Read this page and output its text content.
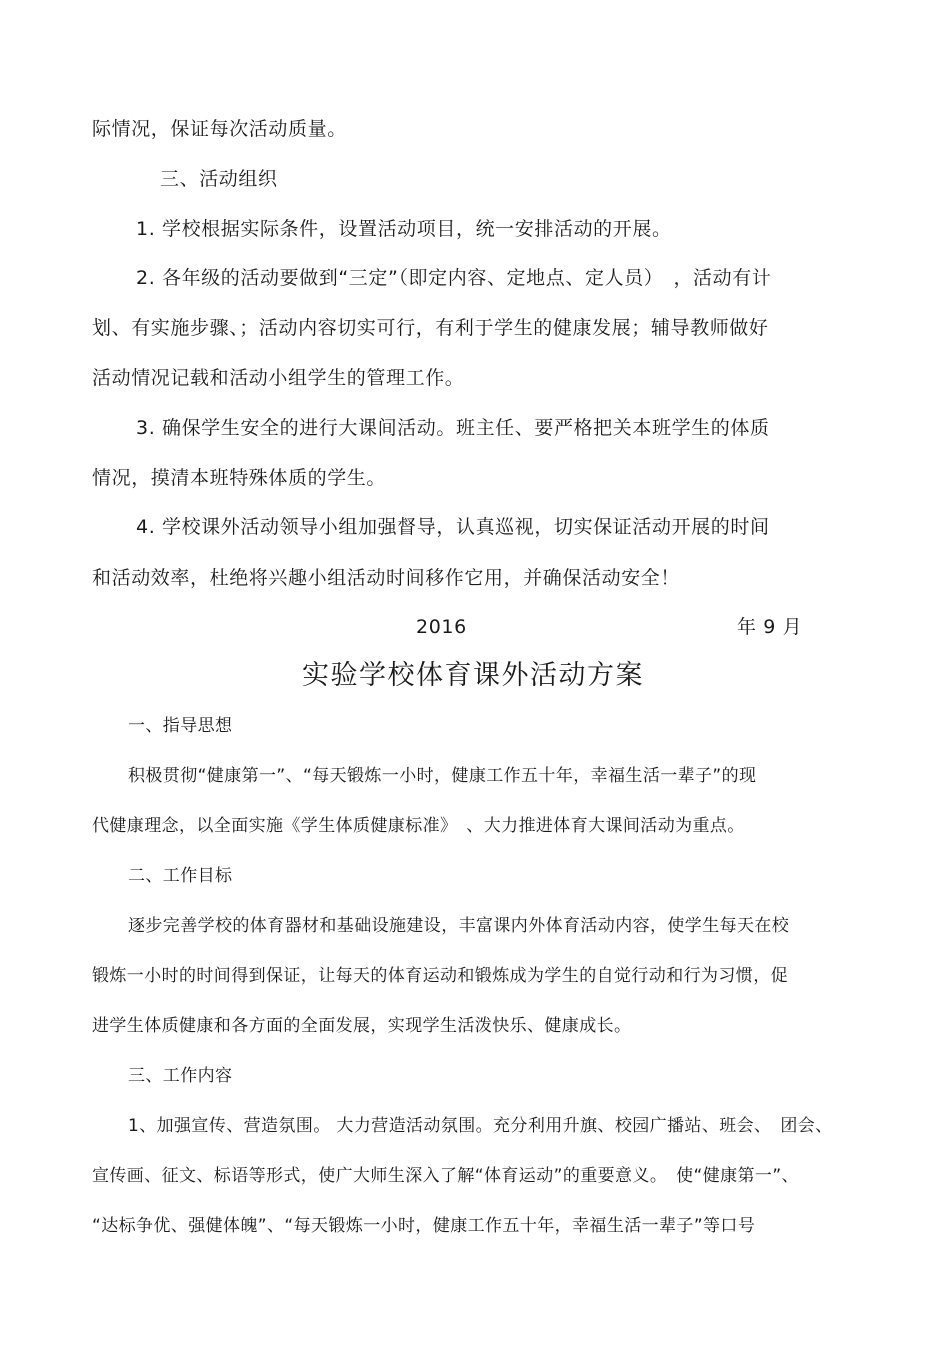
际情况，保证每次活动质量。

三、活动组织

1. 学校根据实际条件，设置活动项目，统一安排活动的开展。

2. 各年级的活动要做到“三定”（即定内容、定地点、定人员）　，活动有计

划、有实施步骤、；活动内容切实可行，有利于学生的健康发展；辅导教师做好

活动情况记载和活动小组学生的管理工作。

3. 确保学生安全的进行大课间活动。班主任、要严格把关本班学生的体质

情况，摸清本班特殊体质的学生。

4. 学校课外活动领导小组加强督导，认真巡视，切实保证活动开展的时间

和活动效率，杜绝将兴趣小组活动时间移作它用，并确保活动安全！

2016	年 9 月

实验学校体育课外活动方案

一、指导思想

积极贯彻“健康第一”、“每天锻炼一小时，健康工作五十年，幸福生活一辈子”的现

代健康理念，以全面实施《学生体质健康标准》　、大力推进体育大课间活动为重点。

二、工作目标

逐步完善学校的体育器材和基础设施建设，丰富课内外体育活动内容，使学生每天在校

锻炼一小时的时间得到保证，让每天的体育运动和锻炼成为学生的自觉行动和行为习惯，促

进学生体质健康和各方面的全面发展，实现学生活泼快乐、健康成长。

三、工作内容

1、加强宣传、营造氛围。 大力营造活动氛围。充分利用升旗、校园广播站、班会、　团会、

宣传画、征文、标语等形式，使广大师生深入了解“体育运动”的重要意义。　使“健康第一”、

“达标争优、强健体魄”、“每天锻炼一小时，健康工作五十年，幸福生活一辈子”等口号
